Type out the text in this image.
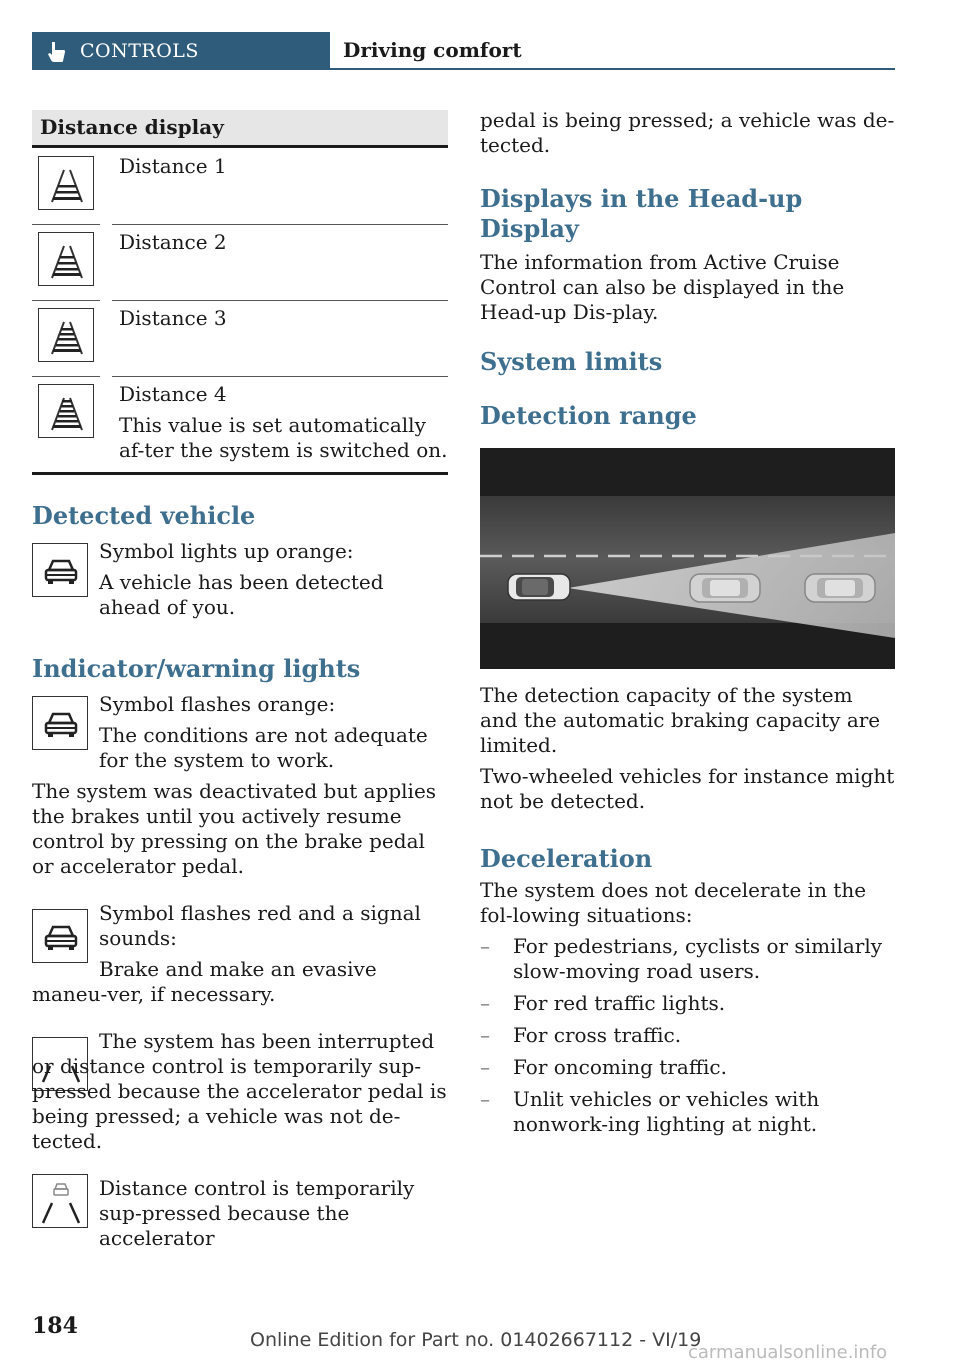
CONTROLS	Driving comfort
Distance display

Distance 1

Distance 2

Distance 3

Distance 4

This value is set automatically af-ter the system is switched on.

Detected vehicle

Symbol lights up orange:

A vehicle has been detected ahead of you.

Indicator/warning lights

Symbol flashes orange:

The conditions are not adequate for the system to work.

The system was deactivated but applies the brakes until you actively resume control by pressing on the brake pedal or accelerator pedal.

Symbol flashes red and a signal sounds:

Brake and make an evasive maneu-ver, if necessary.

The system has been interrupted or distance control is temporarily sup-pressed because the accelerator pedal is being pressed; a vehicle was not de-tected.

Distance control is temporarily sup-pressed because the accelerator

pedal is being pressed; a vehicle was de-tected.

Displays in the Head-up Display

The information from Active Cruise Control can also be displayed in the Head-up Dis-play.

System limits
Detection range

The detection capacity of the system and the automatic braking capacity are limited.

Two-wheeled vehicles for instance might not be detected.

Deceleration

The system does not decelerate in the fol-lowing situations:

– For pedestrians, cyclists or similarly slow-moving road users.
– For red traffic lights.
– For cross traffic.
– For oncoming traffic.
– Unlit vehicles or vehicles with nonwork-ing lighting at night.
184
Online Edition for Part no. 01402667112 - VI/19
carmanualsonline.info
